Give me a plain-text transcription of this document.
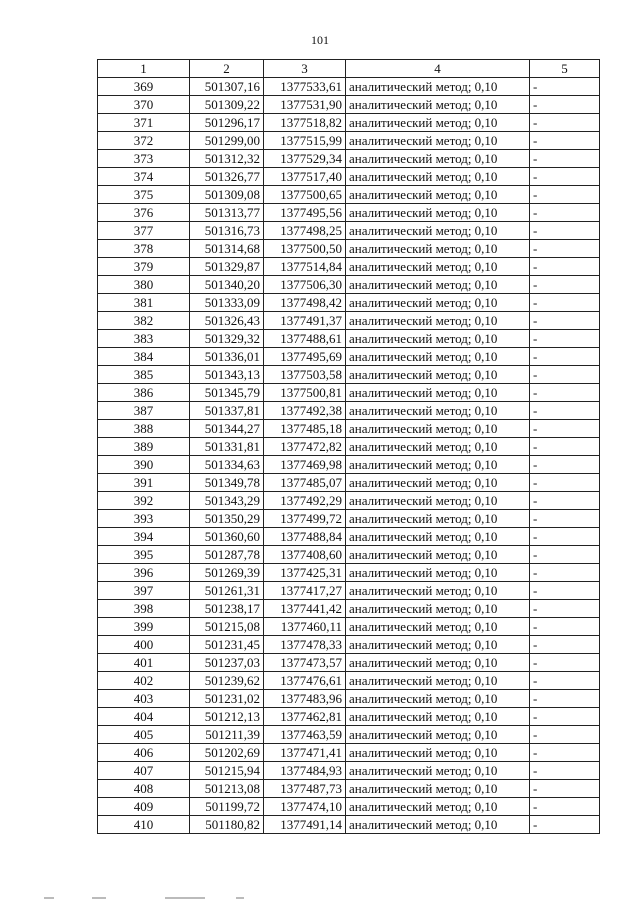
101
1	2	3	4	5
369	501307,16	1377533,61	аналитический метод; 0,10	-
370	501309,22	1377531,90	аналитический метод; 0,10	-
371	501296,17	1377518,82	аналитический метод; 0,10	-
372	501299,00	1377515,99	аналитический метод; 0,10	-
373	501312,32	1377529,34	аналитический метод; 0,10	-
374	501326,77	1377517,40	аналитический метод; 0,10	-
375	501309,08	1377500,65	аналитический метод; 0,10	-
376	501313,77	1377495,56	аналитический метод; 0,10	-
377	501316,73	1377498,25	аналитический метод; 0,10	-
378	501314,68	1377500,50	аналитический метод; 0,10	-
379	501329,87	1377514,84	аналитический метод; 0,10	-
380	501340,20	1377506,30	аналитический метод; 0,10	-
381	501333,09	1377498,42	аналитический метод; 0,10	-
382	501326,43	1377491,37	аналитический метод; 0,10	-
383	501329,32	1377488,61	аналитический метод; 0,10	-
384	501336,01	1377495,69	аналитический метод; 0,10	-
385	501343,13	1377503,58	аналитический метод; 0,10	-
386	501345,79	1377500,81	аналитический метод; 0,10	-
387	501337,81	1377492,38	аналитический метод; 0,10	-
388	501344,27	1377485,18	аналитический метод; 0,10	-
389	501331,81	1377472,82	аналитический метод; 0,10	-
390	501334,63	1377469,98	аналитический метод; 0,10	-
391	501349,78	1377485,07	аналитический метод; 0,10	-
392	501343,29	1377492,29	аналитический метод; 0,10	-
393	501350,29	1377499,72	аналитический метод; 0,10	-
394	501360,60	1377488,84	аналитический метод; 0,10	-
395	501287,78	1377408,60	аналитический метод; 0,10	-
396	501269,39	1377425,31	аналитический метод; 0,10	-
397	501261,31	1377417,27	аналитический метод; 0,10	-
398	501238,17	1377441,42	аналитический метод; 0,10	-
399	501215,08	1377460,11	аналитический метод; 0,10	-
400	501231,45	1377478,33	аналитический метод; 0,10	-
401	501237,03	1377473,57	аналитический метод; 0,10	-
402	501239,62	1377476,61	аналитический метод; 0,10	-
403	501231,02	1377483,96	аналитический метод; 0,10	-
404	501212,13	1377462,81	аналитический метод; 0,10	-
405	501211,39	1377463,59	аналитический метод; 0,10	-
406	501202,69	1377471,41	аналитический метод; 0,10	-
407	501215,94	1377484,93	аналитический метод; 0,10	-
408	501213,08	1377487,73	аналитический метод; 0,10	-
409	501199,72	1377474,10	аналитический метод; 0,10	-
410	501180,82	1377491,14	аналитический метод; 0,10	-
